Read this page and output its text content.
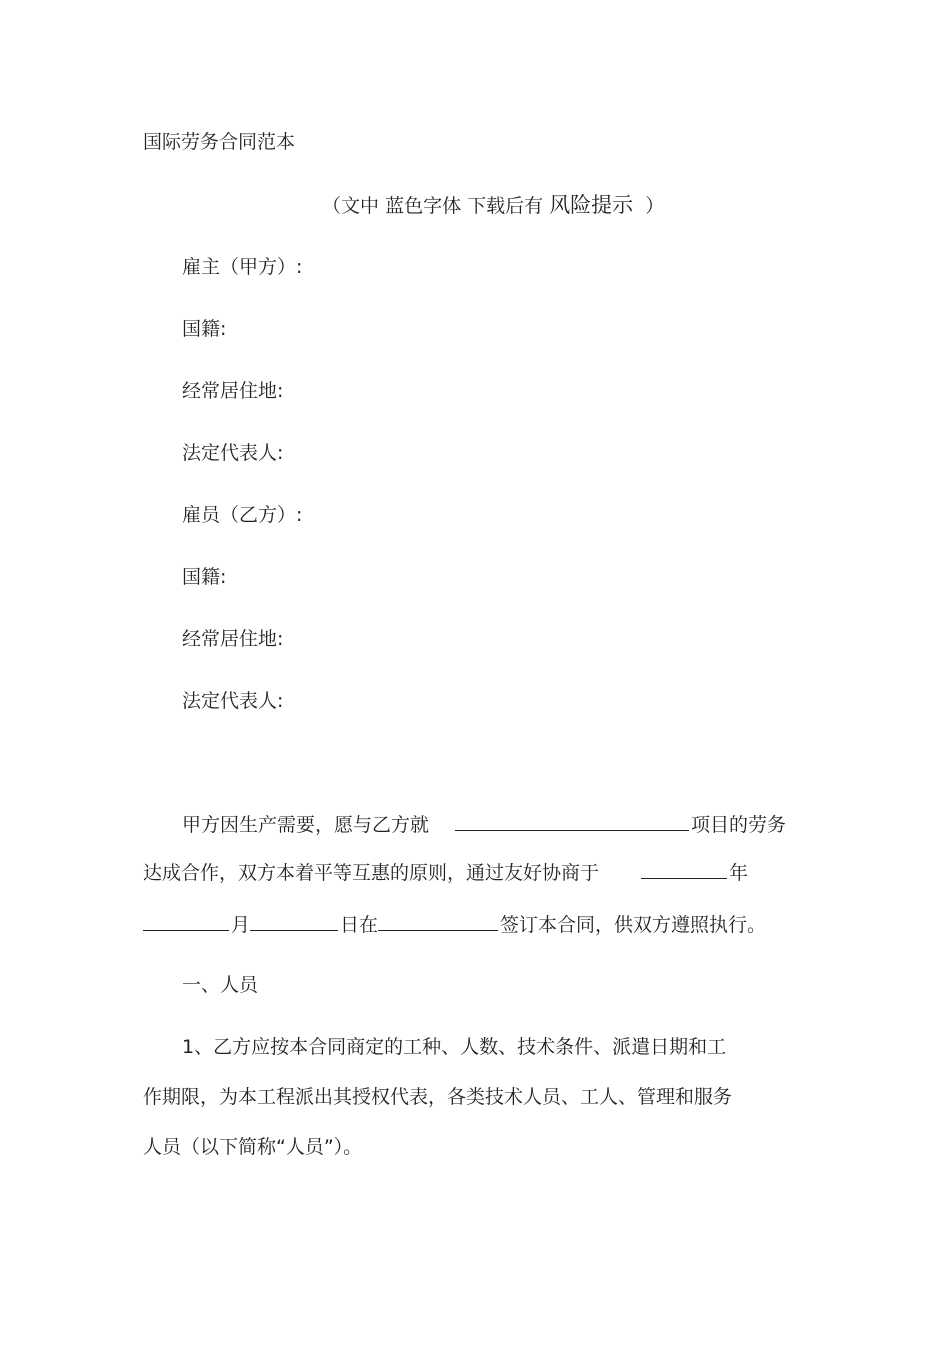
国际劳务合同范本
（文中 蓝色字体 下载后有 风险提示 ）
雇主（甲方）:
国籍:
经常居住地:
法定代表人:
雇员（乙方）:
国籍:
经常居住地:
法定代表人:
甲方因生产需要，愿与乙方就	项目的劳务
达成合作，双方本着平等互惠的原则，通过友好协商于	年
月	日在	签订本合同，供双方遵照执行。
一、人员
1、乙方应按本合同商定的工种、人数、技术条件、派遣日期和工
作期限，为本工程派出其授权代表，各类技术人员、工人、管理和服务
人员（以下简称“人员”）。
